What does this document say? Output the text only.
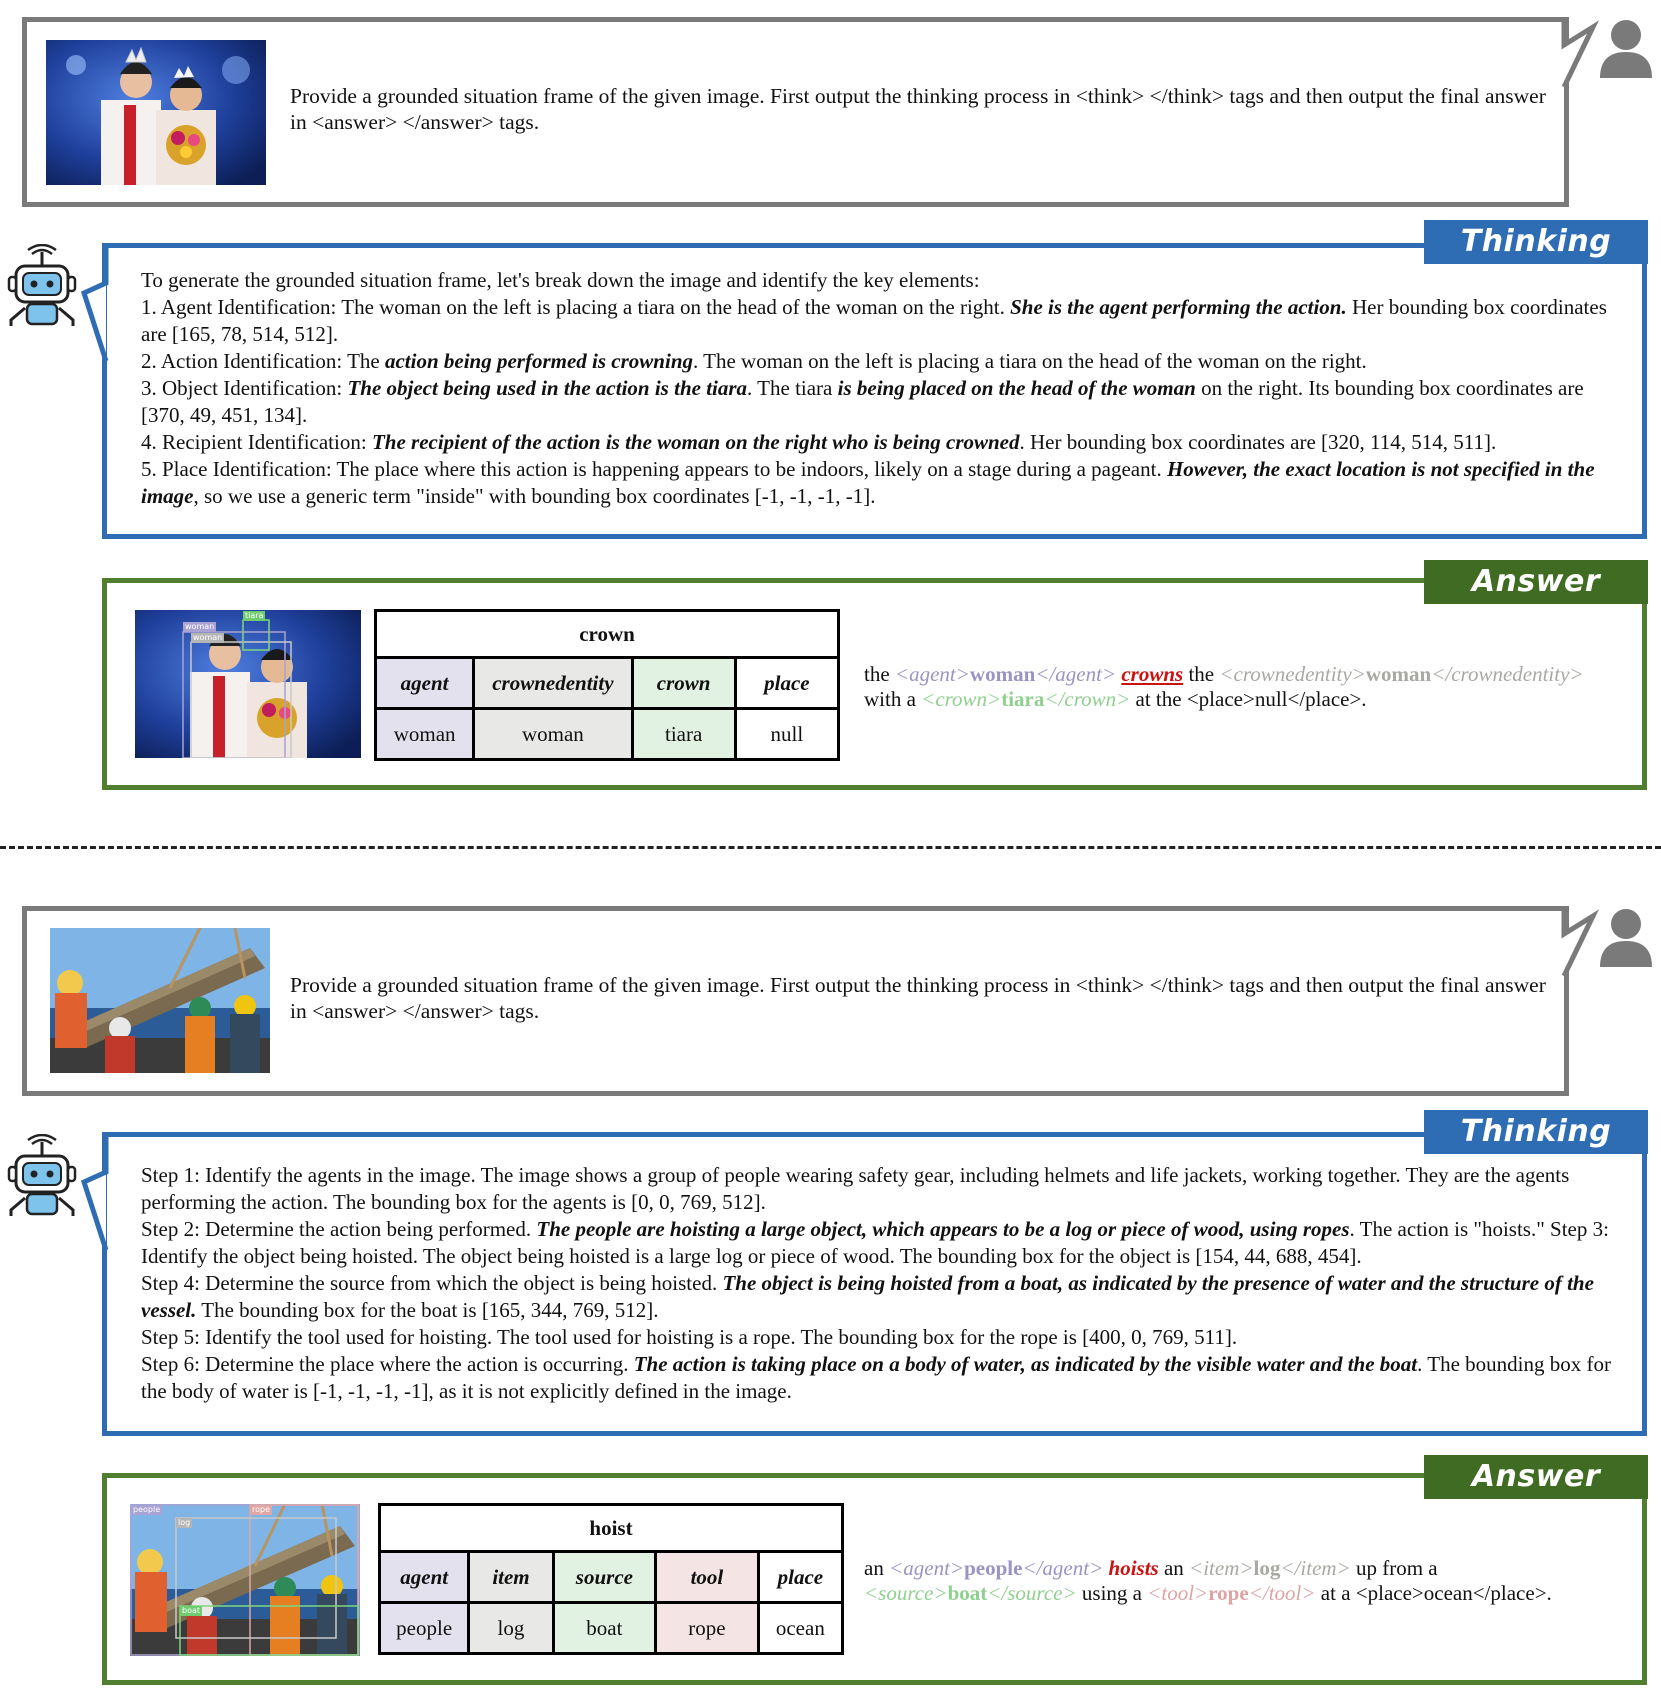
Provide a grounded situation frame of the given image. First output the thinking process in <think> </think> tags and then output the final answer in <answer> </answer> tags.
Thinking

To generate the grounded situation frame, let's break down the image and identify the key elements:

1. Agent Identification: The woman on the left is placing a tiara on the head of the woman on the right. She is the agent performing the action. Her bounding box coordinates are [165, 78, 514, 512].

2. Action Identification: The action being performed is crowning. The woman on the left is placing a tiara on the head of the woman on the right.

3. Object Identification: The object being used in the action is the tiara. The tiara is being placed on the head of the woman on the right. Its bounding box coordinates are [370, 49, 451, 134].

4. Recipient Identification: The recipient of the action is the woman on the right who is being crowned. Her bounding box coordinates are [320, 114, 514, 511].

5. Place Identification: The place where this action is happening appears to be indoors, likely on a stage during a pageant. However, the exact location is not specified in the image, so we use a generic term "inside" with bounding box coordinates [-1, -1, -1, -1].

Answer
woman
woman
tiara
crown			
agent	crownedentity	crown	place
woman	woman	tiara	null
the <agent>woman</agent> crowns the <crownedentity>woman</crownedentity>
with a <crown>tiara</crown> at the <place>null</place>.
Provide a grounded situation frame of the given image. First output the thinking process in <think> </think> tags and then output the final answer in <answer> </answer> tags.
Thinking

Step 1: Identify the agents in the image. The image shows a group of people wearing safety gear, including helmets and life jackets, working together. They are the agents performing the action. The bounding box for the agents is [0, 0, 769, 512].

Step 2: Determine the action being performed. The people are hoisting a large object, which appears to be a log or piece of wood, using ropes. The action is "hoists." Step 3: Identify the object being hoisted. The object being hoisted is a large log or piece of wood. The bounding box for the object is [154, 44, 688, 454].

Step 4: Determine the source from which the object is being hoisted. The object is being hoisted from a boat, as indicated by the presence of water and the structure of the vessel. The bounding box for the boat is [165, 344, 769, 512].

Step 5: Identify the tool used for hoisting. The tool used for hoisting is a rope. The bounding box for the rope is [400, 0, 769, 511].

Step 6: Determine the place where the action is occurring. The action is taking place on a body of water, as indicated by the visible water and the boat. The bounding box for the body of water is [-1, -1, -1, -1], as it is not explicitly defined in the image.

Answer
people	rope
log
boat
hoist				
agent	item	source	tool	place
people	log	boat	rope	ocean
an <agent>people</agent> hoists an <item>log</item> up from a
<source>boat</source> using a <tool>rope</tool> at a <place>ocean</place>.
